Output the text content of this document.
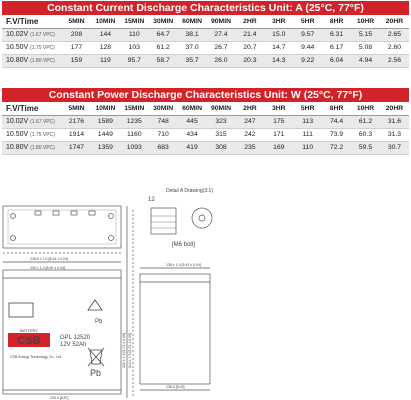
Constant Current Discharge Characteristics Unit: A (25°C, 77°F)
F.V/Time	5MIN	10MIN	15MIN	30MIN	60MIN	90MIN	2HR	3HR	5HR	8HR	10HR	20HR
10.02V (1.67 VPC)	208	144	110	64.7	38.1	27.4	21.4	15.0	9.57	6.31	5.15	2.65
10.50V (1.75 VPC)	177	128	103	61.2	37.0	26.7	20.7	14.7	9.44	6.17	5.08	2.60
10.80V (1.80 VPC)	159	119	95.7	58.7	35.7	26.0	20.3	14.3	9.22	6.04	4.94	2.56
Constant Power Discharge Characteristics Unit: W (25°C, 77°F)
F.V/Time	5MIN	10MIN	15MIN	30MIN	60MIN	90MIN	2HR	3HR	5HR	8HR	10HR	20HR
10.02V (1.67 VPC)	2176	1589	1235	748	445	323	247	175	113	74.4	61.2	31.6
10.50V (1.75 VPC)	1914	1449	1160	710	434	315	242	171	111	73.9	60.3	31.3
10.80V (1.80 VPC)	1747	1359	1093	683	419	308	235	169	110	72.2	59.5	30.7
CSB
BATTERY
Detail A Drawing(3:1)
12
[M6 bolt]
228.6 ± 1.0 [8.94 ± 0.04]
226 ± 1.0 [8.90 ± 0.04]
225.4 [8.87]
222 ± 1.5 [8.74 ± 0.06] 214 ± 1.5 [8.43 ± 0.06]
138 ± 1.0 [5.43 ± 0.04]
138.4 [5.45]
GPL 12520
12V 52Ah
CSB Energy Technology Co., Ltd.
Pb
Pb
